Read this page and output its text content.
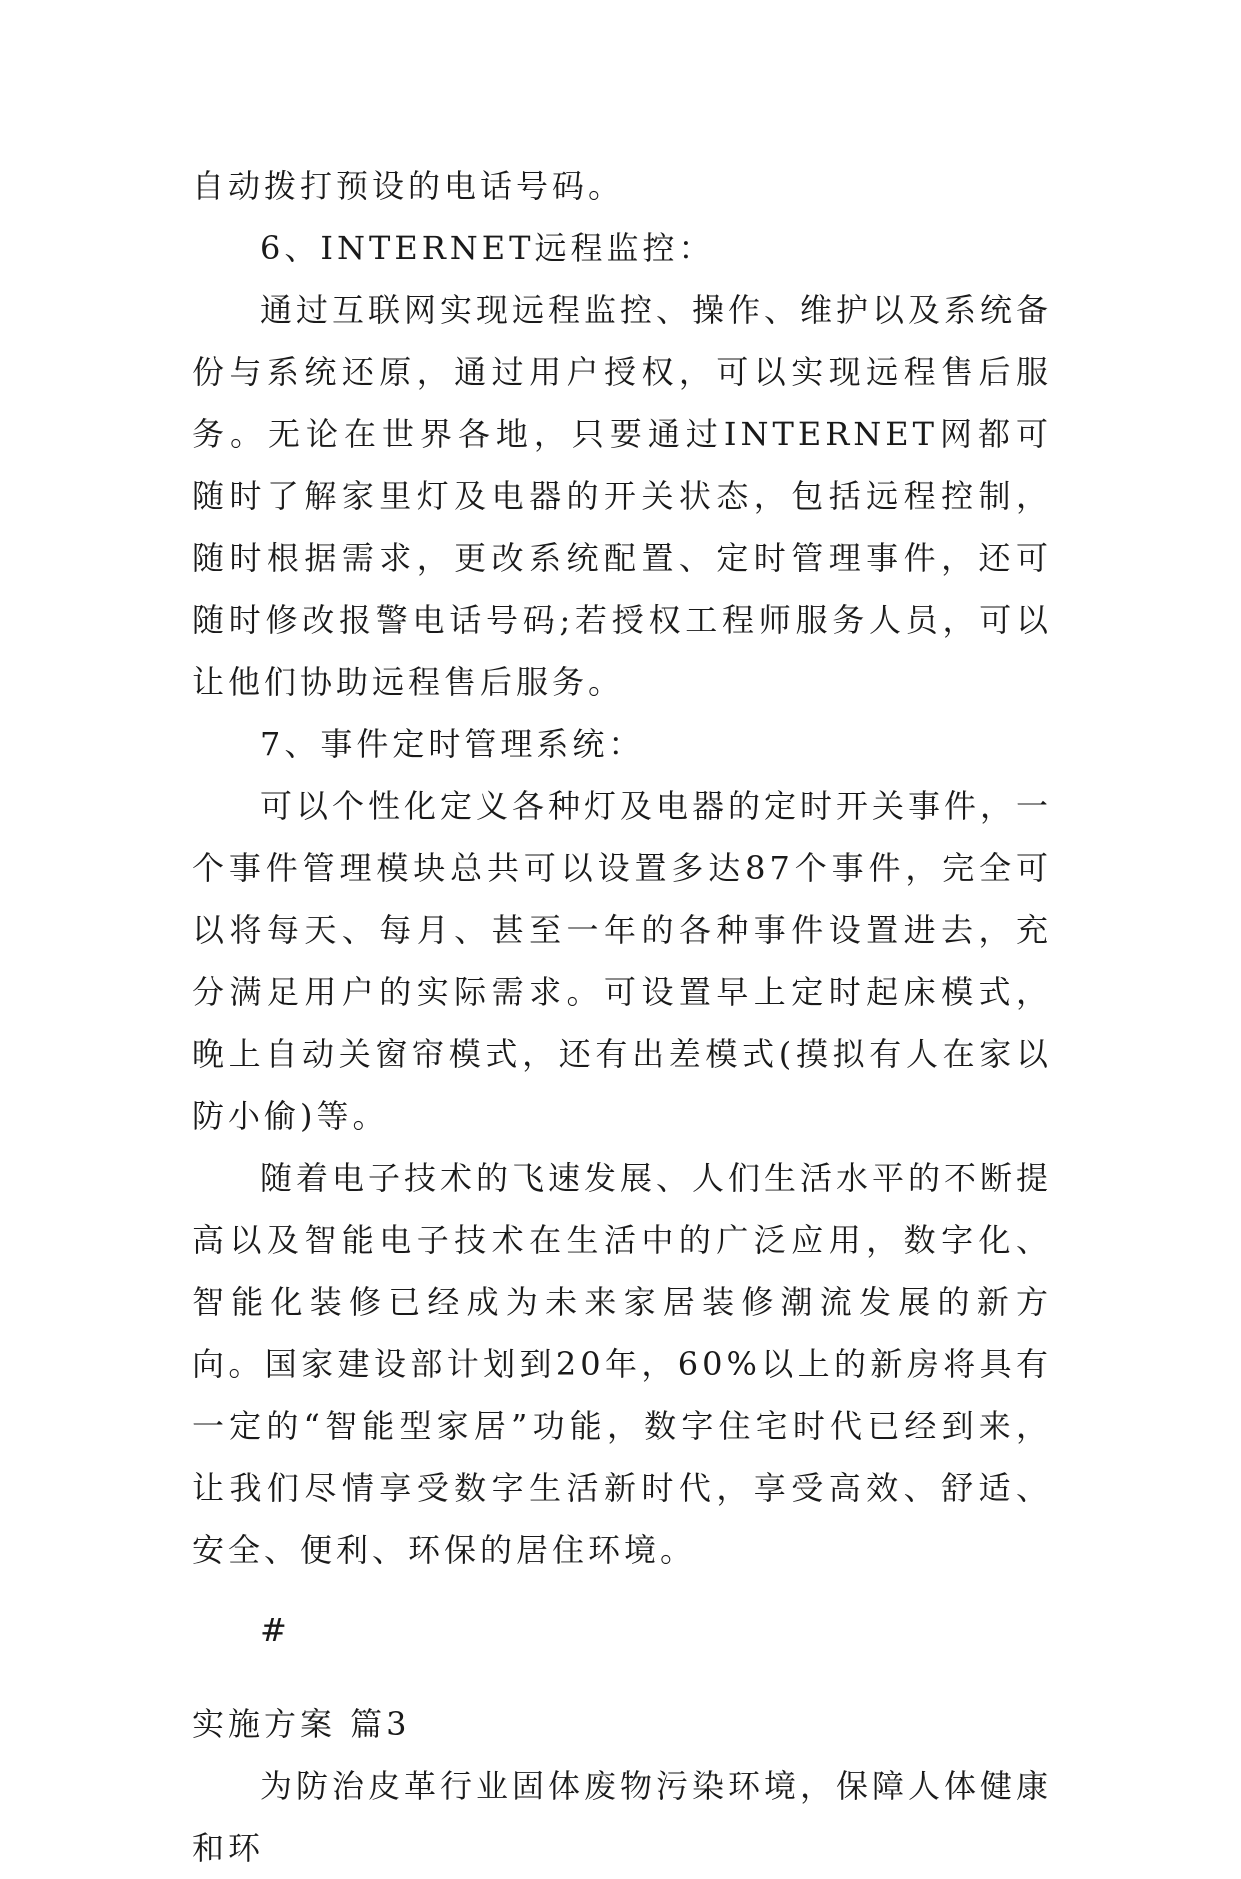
自动拨打预设的电话号码。

6、INTERNET远程监控：

通过互联网实现远程监控、操作、维护以及系统备份与系统还原，通过用户授权，可以实现远程售后服务。无论在世界各地，只要通过INTERNET网都可随时了解家里灯及电器的开关状态，包括远程控制，随时根据需求，更改系统配置、定时管理事件，还可随时修改报警电话号码;若授权工程师服务人员，可以让他们协助远程售后服务。

7、事件定时管理系统：

可以个性化定义各种灯及电器的定时开关事件，一个事件管理模块总共可以设置多达87个事件，完全可以将每天、每月、甚至一年的各种事件设置进去，充分满足用户的实际需求。可设置早上定时起床模式，晚上自动关窗帘模式，还有出差模式(摸拟有人在家以防小偷)等。

随着电子技术的飞速发展、人们生活水平的不断提高以及智能电子技术在生活中的广泛应用，数字化、智能化装修已经成为未来家居装修潮流发展的新方向。国家建设部计划到20年，60%以上的新房将具有一定的“智能型家居”功能，数字住宅时代已经到来，让我们尽情享受数字生活新时代，享受高效、舒适、安全、便利、环保的居住环境。

#

实施方案 篇3

为防治皮革行业固体废物污染环境，保障人体健康和环
